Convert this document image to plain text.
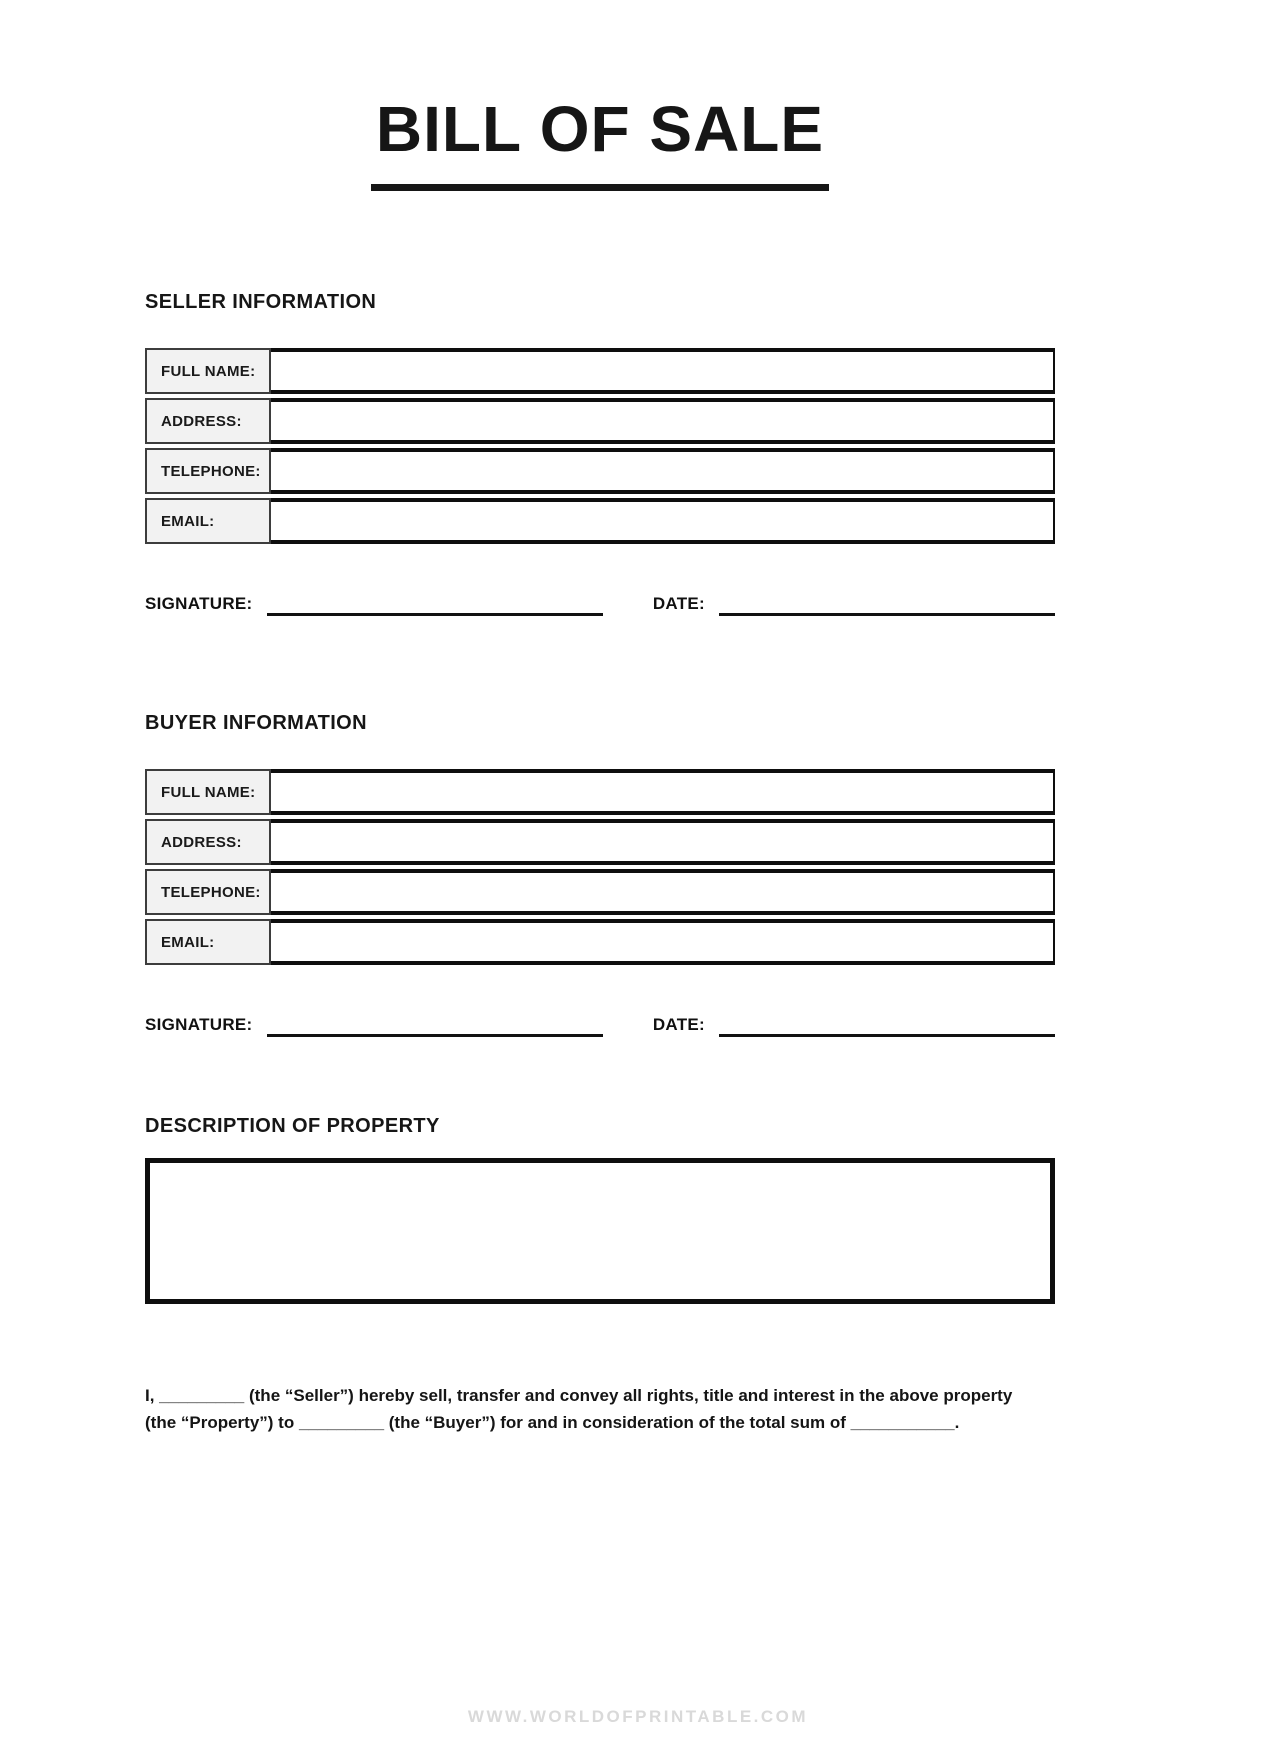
BILL OF SALE
SELLER INFORMATION
FULL NAME:
ADDRESS:
TELEPHONE:
EMAIL:
SIGNATURE:	DATE:
BUYER INFORMATION
FULL NAME:
ADDRESS:
TELEPHONE:
EMAIL:
SIGNATURE:	DATE:
DESCRIPTION OF PROPERTY

I, _________ (the “Seller”) hereby sell, transfer and convey all rights, title and interest in the above property
(the “Property”) to _________ (the “Buyer”) for and in consideration of the total sum of ___________.

WWW.WORLDOFPRINTABLE.COM
